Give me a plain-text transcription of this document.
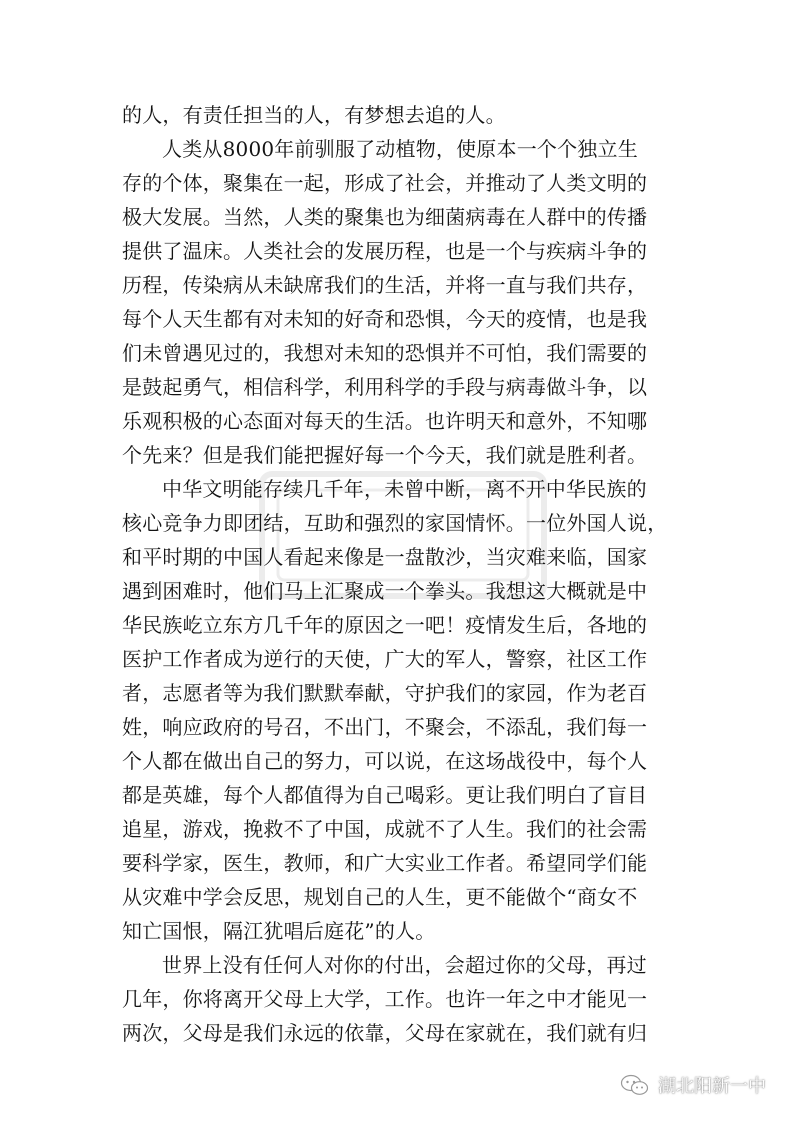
的人，有责任担当的人，有梦想去追的人。
人类从8000年前驯服了动植物，使原本一个个独立生
存的个体，聚集在一起，形成了社会，并推动了人类文明的
极大发展。当然，人类的聚集也为细菌病毒在人群中的传播
提供了温床。人类社会的发展历程，也是一个与疾病斗争的
历程，传染病从未缺席我们的生活，并将一直与我们共存，
每个人天生都有对未知的好奇和恐惧，今天的疫情，也是我
们未曾遇见过的，我想对未知的恐惧并不可怕，我们需要的
是鼓起勇气，相信科学，利用科学的手段与病毒做斗争，以
乐观积极的心态面对每天的生活。也许明天和意外，不知哪
个先来？但是我们能把握好每一个今天，我们就是胜利者。
中华文明能存续几千年，未曾中断，离不开中华民族的
核心竞争力即团结，互助和强烈的家国情怀。一位外国人说，
和平时期的中国人看起来像是一盘散沙，当灾难来临，国家
遇到困难时，他们马上汇聚成一个拳头。我想这大概就是中
华民族屹立东方几千年的原因之一吧！疫情发生后，各地的
医护工作者成为逆行的天使，广大的军人，警察，社区工作
者，志愿者等为我们默默奉献，守护我们的家园，作为老百
姓，响应政府的号召，不出门，不聚会，不添乱，我们每一
个人都在做出自己的努力，可以说，在这场战役中，每个人
都是英雄，每个人都值得为自己喝彩。更让我们明白了盲目
追星，游戏，挽救不了中国，成就不了人生。我们的社会需
要科学家，医生，教师，和广大实业工作者。希望同学们能
从灾难中学会反思，规划自己的人生，更不能做个“商女不
知亡国恨，隔江犹唱后庭花”的人。
世界上没有任何人对你的付出，会超过你的父母，再过
几年，你将离开父母上大学，工作。也许一年之中才能见一
两次，父母是我们永远的依靠，父母在家就在，我们就有归
湖北阳新一中
